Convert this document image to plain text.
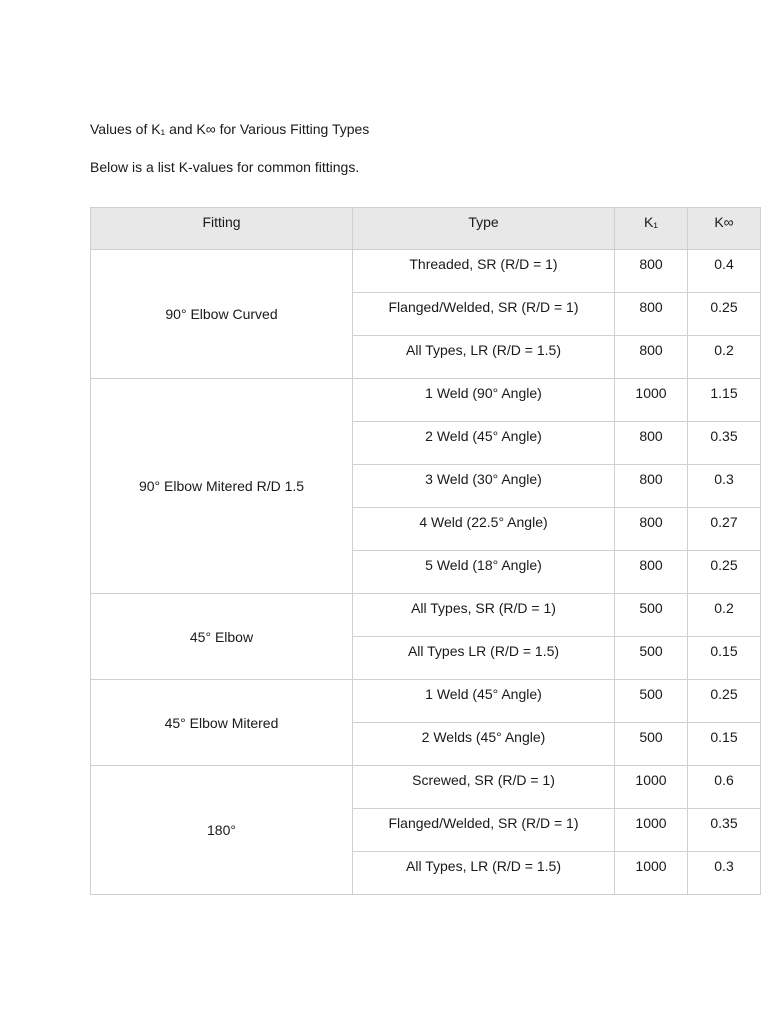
Values of K₁ and K∞ for Various Fitting Types

Below is a list K-values for common fittings.

Fitting	Type	K₁	K∞
90° Elbow Curved	Threaded, SR (R/D = 1)	800	0.4
	Flanged/Welded, SR (R/D = 1)	800	0.25
	All Types, LR (R/D = 1.5)	800	0.2
90° Elbow Mitered R/D 1.5	1 Weld (90° Angle)	1000	1.15
	2 Weld (45° Angle)	800	0.35
	3 Weld (30° Angle)	800	0.3
	4 Weld (22.5° Angle)	800	0.27
	5 Weld (18° Angle)	800	0.25
45° Elbow	All Types, SR (R/D = 1)	500	0.2
	All Types LR (R/D = 1.5)	500	0.15
45° Elbow Mitered	1 Weld (45° Angle)	500	0.25
	2 Welds (45° Angle)	500	0.15
180°	Screwed, SR (R/D = 1)	1000	0.6
	Flanged/Welded, SR (R/D = 1)	1000	0.35
	All Types, LR (R/D = 1.5)	1000	0.3
